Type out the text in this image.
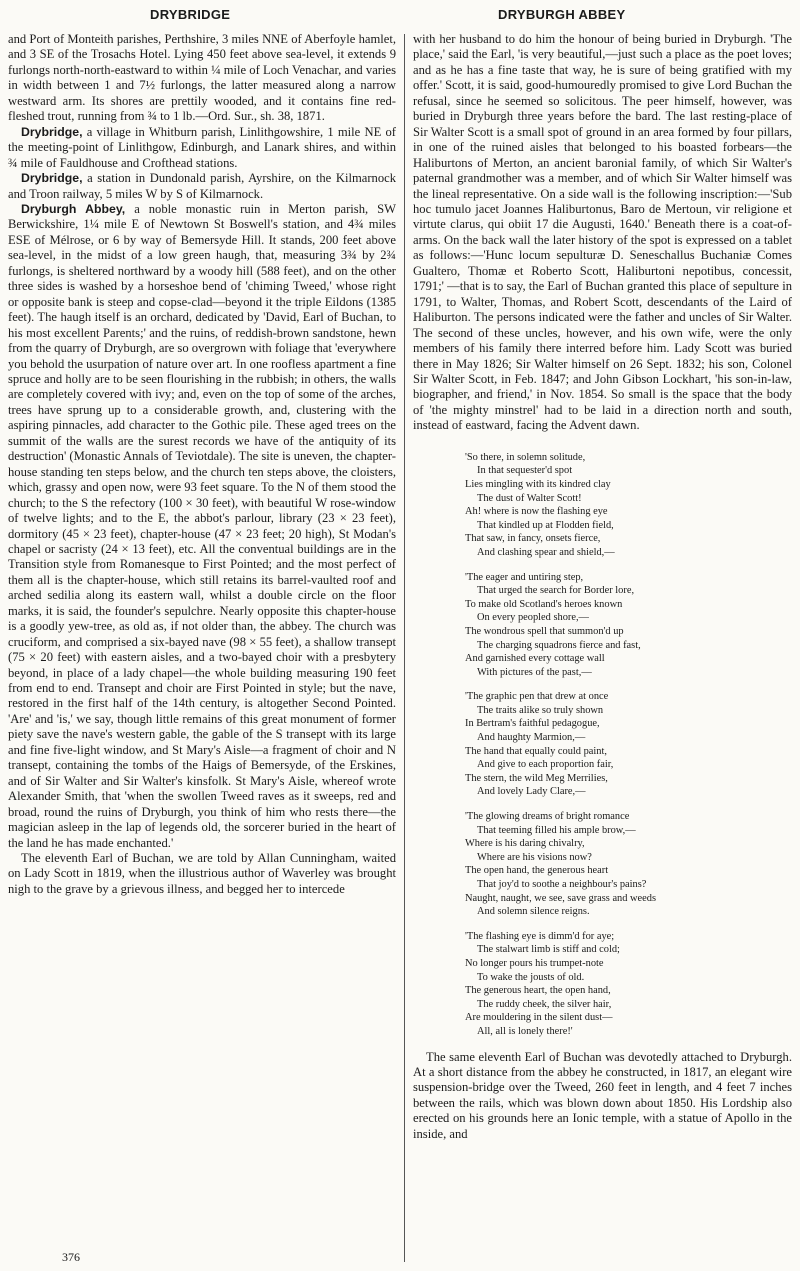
DRYBRIDGE	DRYBURGH ABBEY

and Port of Monteith parishes, Perthshire, 3 miles NNE of Aberfoyle hamlet, and 3 SE of the Trosachs Hotel. Lying 450 feet above sea-level, it extends 9 furlongs north-north-eastward to within ¼ mile of Loch Venachar, and varies in width between 1 and 7½ furlongs, the latter measured along a narrow westward arm. Its shores are prettily wooded, and it contains fine red-fleshed trout, running from ¾ to 1 lb.—Ord. Sur., sh. 38, 1871.

Drybridge, a village in Whitburn parish, Linlithgowshire, 1 mile NE of the meeting-point of Linlithgow, Edinburgh, and Lanark shires, and within ¾ mile of Fauldhouse and Crofthead stations.

Drybridge, a station in Dundonald parish, Ayrshire, on the Kilmarnock and Troon railway, 5 miles W by S of Kilmarnock.

Dryburgh Abbey, a noble monastic ruin in Merton parish, SW Berwickshire, 1¼ mile E of Newtown St Boswell's station, and 4¾ miles ESE of Mélrose, or 6 by way of Bemersyde Hill. It stands, 200 feet above sea-level, in the midst of a low green haugh, that, measuring 3¾ by 2¾ furlongs, is sheltered northward by a woody hill (588 feet), and on the other three sides is washed by a horseshoe bend of 'chiming Tweed,' whose right or opposite bank is steep and copse-clad—beyond it the triple Eildons (1385 feet). The haugh itself is an orchard, dedicated by 'David, Earl of Buchan, to his most excellent Parents;' and the ruins, of reddish-brown sandstone, hewn from the quarry of Dryburgh, are so overgrown with foliage that 'everywhere you behold the usurpation of nature over art. In one roofless apartment a fine spruce and holly are to be seen flourishing in the rubbish; in others, the walls are completely covered with ivy; and, even on the top of some of the arches, trees have sprung up to a considerable growth, and, clustering with the aspiring pinnacles, add character to the Gothic pile. These aged trees on the summit of the walls are the surest records we have of the antiquity of its destruction' (Monastic Annals of Teviotdale). The site is uneven, the chapter-house standing ten steps below, and the church ten steps above, the cloisters, which, grassy and open now, were 93 feet square. To the N of them stood the church; to the S the refectory (100 × 30 feet), with beautiful W rose-window of twelve lights; and to the E, the abbot's parlour, library (23 × 23 feet), dormitory (45 × 23 feet), chapter-house (47 × 23 feet; 20 high), St Modan's chapel or sacristy (24 × 13 feet), etc. All the conventual buildings are in the Transition style from Romanesque to First Pointed; and the most perfect of them all is the chapter-house, which still retains its barrel-vaulted roof and arched sedilia along its eastern wall, whilst a double circle on the floor marks, it is said, the founder's sepulchre. Nearly opposite this chapter-house is a goodly yew-tree, as old as, if not older than, the abbey. The church was cruciform, and comprised a six-bayed nave (98 × 55 feet), a shallow transept (75 × 20 feet) with eastern aisles, and a two-bayed choir with a presbytery beyond, in place of a lady chapel—the whole building measuring 190 feet from end to end. Transept and choir are First Pointed in style; but the nave, restored in the first half of the 14th century, is altogether Second Pointed. 'Are' and 'is,' we say, though little remains of this great monument of former piety save the nave's western gable, the gable of the S transept with its large and fine five-light window, and St Mary's Aisle—a fragment of choir and N transept, containing the tombs of the Haigs of Bemersyde, of the Erskines, and of Sir Walter and Sir Walter's kinsfolk. St Mary's Aisle, whereof wrote Alexander Smith, that 'when the swollen Tweed raves as it sweeps, red and broad, round the ruins of Dryburgh, you think of him who rests there—the magician asleep in the lap of legends old, the sorcerer buried in the heart of the land he has made enchanted.'

The eleventh Earl of Buchan, we are told by Allan Cunningham, waited on Lady Scott in 1819, when the illustrious author of Waverley was brought nigh to the grave by a grievous illness, and begged her to intercede

with her husband to do him the honour of being buried in Dryburgh. 'The place,' said the Earl, 'is very beautiful,—just such a place as the poet loves; and as he has a fine taste that way, he is sure of being gratified with my offer.' Scott, it is said, good-humouredly promised to give Lord Buchan the refusal, since he seemed so solicitous. The peer himself, however, was buried in Dryburgh three years before the bard. The last resting-place of Sir Walter Scott is a small spot of ground in an area formed by four pillars, in one of the ruined aisles that belonged to his boasted forbears—the Haliburtons of Merton, an ancient baronial family, of which Sir Walter's paternal grandmother was a member, and of which Sir Walter himself was the lineal representative. On a side wall is the following inscription:—'Sub hoc tumulo jacet Joannes Haliburtonus, Baro de Mertoun, vir religione et virtute clarus, qui obiit 17 die Augusti, 1640.' Beneath there is a coat-of-arms. On the back wall the later history of the spot is expressed on a tablet as follows:—'Hunc locum sepulturæ D. Seneschallus Buchaniæ Comes Gualtero, Thomæ et Roberto Scott, Haliburtoni nepotibus, concessit, 1791;' —that is to say, the Earl of Buchan granted this place of sepulture in 1791, to Walter, Thomas, and Robert Scott, descendants of the Laird of Haliburton. The persons indicated were the father and uncles of Sir Walter. The second of these uncles, however, and his own wife, were the only members of his family there interred before him. Lady Scott was buried there in May 1826; Sir Walter himself on 26 Sept. 1832; his son, Colonel Sir Walter Scott, in Feb. 1847; and John Gibson Lockhart, 'his son-in-law, biographer, and friend,' in Nov. 1854. So small is the space that the body of 'the mighty minstrel' had to be laid in a direction north and south, instead of eastward, facing the Advent dawn.

'So there, in solemn solitude,
In that sequester'd spot
Lies mingling with its kindred clay
The dust of Walter Scott!
Ah! where is now the flashing eye
That kindled up at Flodden field,
That saw, in fancy, onsets fierce,
And clashing spear and shield,—
'The eager and untiring step,
That urged the search for Border lore,
To make old Scotland's heroes known
On every peopled shore,—
The wondrous spell that summon'd up
The charging squadrons fierce and fast,
And garnished every cottage wall
With pictures of the past,—
'The graphic pen that drew at once
The traits alike so truly shown
In Bertram's faithful pedagogue,
And haughty Marmion,—
The hand that equally could paint,
And give to each proportion fair,
The stern, the wild Meg Merrilies,
And lovely Lady Clare,—
'The glowing dreams of bright romance
That teeming filled his ample brow,—
Where is his daring chivalry,
Where are his visions now?
The open hand, the generous heart
That joy'd to soothe a neighbour's pains?
Naught, naught, we see, save grass and weeds
And solemn silence reigns.
'The flashing eye is dimm'd for aye;
The stalwart limb is stiff and cold;
No longer pours his trumpet-note
To wake the jousts of old.
The generous heart, the open hand,
The ruddy cheek, the silver hair,
Are mouldering in the silent dust—
All, all is lonely there!'

The same eleventh Earl of Buchan was devotedly attached to Dryburgh. At a short distance from the abbey he constructed, in 1817, an elegant wire suspension-bridge over the Tweed, 260 feet in length, and 4 feet 7 inches between the rails, which was blown down about 1850. His Lordship also erected on his grounds here an Ionic temple, with a statue of Apollo in the inside, and

376
